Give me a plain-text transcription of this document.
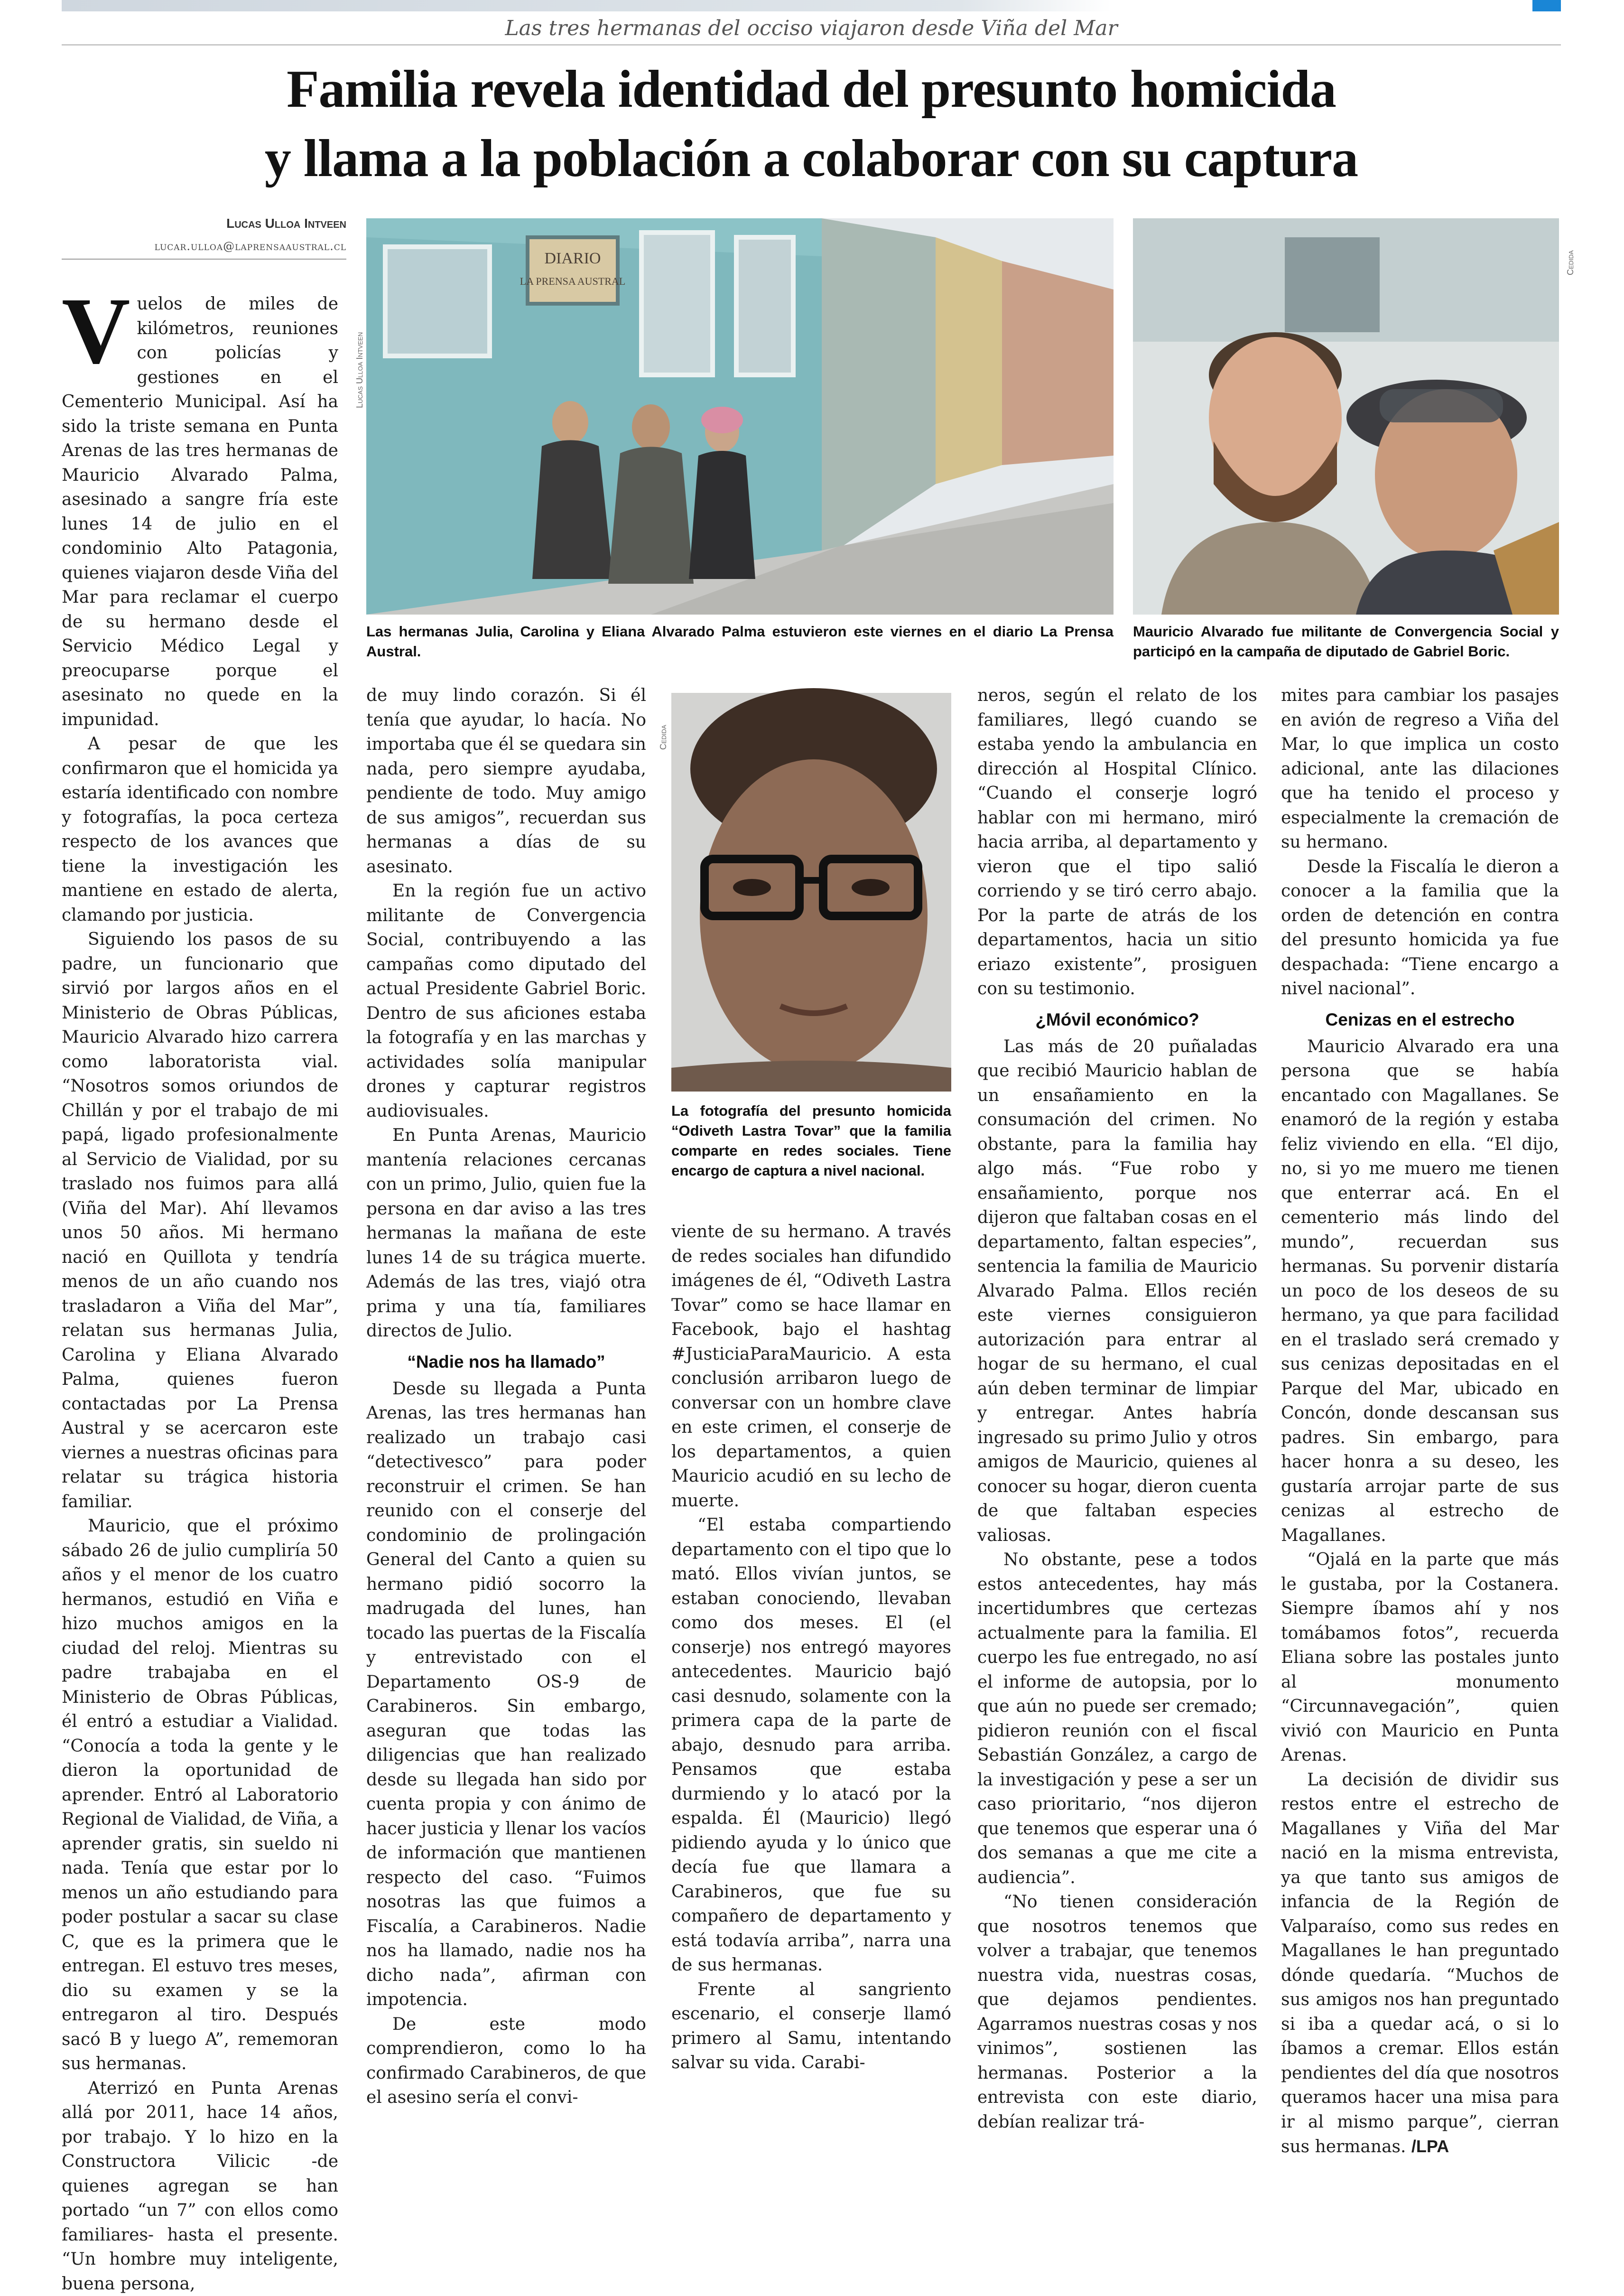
Las tres hermanas del occiso viajaron desde Viña del Mar
Familia revela identidad del presunto homicida
y llama a la población a colaborar con su captura
Lucas Ulloa Intveen
lucar.ulloa@laprensaaustral.cl
Lucas Ulloa Intveen
DIARIO
LA PRENSA AUSTRAL
Las hermanas Julia, Carolina y Eliana Alvarado Palma estuvieron este viernes en el diario La Prensa Austral.
Cedida
Mauricio Alvarado fue militante de Convergencia Social y participó en la campaña de diputado de Gabriel Boric.
Cedida
La fotografía del presunto homicida “Odiveth Lastra Tovar” que la familia comparte en redes sociales. Tiene encargo de captura a nivel nacional.
V uelos de miles de kilómetros, reuniones con policías y gestiones en el Cementerio Municipal. Así ha sido la triste semana en Punta Arenas de las tres hermanas de Mauricio Alvarado Palma, asesinado a sangre fría este lunes 14 de julio en el condominio Alto Patagonia, quienes viajaron desde Viña del Mar para reclamar el cuerpo de su hermano desde el Servicio Médico Legal y preocuparse porque el asesinato no quede en la impunidad.

A pesar de que les confirmaron que el homicida ya estaría identificado con nombre y fotografías, la poca certeza respecto de los avances que tiene la investigación les mantiene en estado de alerta, clamando por justicia.

Siguiendo los pasos de su padre, un funcionario que sirvió por largos años en el Ministerio de Obras Públicas, Mauricio Alvarado hizo carrera como laboratorista vial. “Nosotros somos oriundos de Chillán y por el trabajo de mi papá, ligado profesionalmente al Servicio de Vialidad, por su traslado nos fuimos para allá (Viña del Mar). Ahí llevamos unos 50 años. Mi hermano nació en Quillota y tendría menos de un año cuando nos trasladaron a Viña del Mar”, relatan sus hermanas Julia, Carolina y Eliana Alvarado Palma, quienes fueron contactadas por La Prensa Austral y se acercaron este viernes a nuestras oficinas para relatar su trágica historia familiar.

Mauricio, que el próximo sábado 26 de julio cumpliría 50 años y el menor de los cuatro hermanos, estudió en Viña e hizo muchos amigos en la ciudad del reloj. Mientras su padre trabajaba en el Ministerio de Obras Públicas, él entró a estudiar a Vialidad. “Conocía a toda la gente y le dieron la oportunidad de aprender. Entró al Laboratorio Regional de Vialidad, de Viña, a aprender gratis, sin sueldo ni nada. Tenía que estar por lo menos un año estudiando para poder postular a sacar su clase C, que es la primera que le entregan. El estuvo tres meses, dio su examen y se la entregaron al tiro. Después sacó B y luego A”, rememoran sus hermanas.

Aterrizó en Punta Arenas allá por 2011, hace 14 años, por trabajo. Y lo hizo en la Constructora Vilicic -de quienes agregan se han portado “un 7” con ellos como familiares- hasta el presente. “Un hombre muy inteligente, buena persona,

de muy lindo corazón. Si él tenía que ayudar, lo hacía. No importaba que él se quedara sin nada, pero siempre ayudaba, pendiente de todo. Muy amigo de sus amigos”, recuerdan sus hermanas a días de su asesinato.

En la región fue un activo militante de Convergencia Social, contribuyendo a las campañas como diputado del actual Presidente Gabriel Boric. Dentro de sus aficiones estaba la fotografía y en las marchas y actividades solía manipular drones y capturar registros audiovisuales.

En Punta Arenas, Mauricio mantenía relaciones cercanas con un primo, Julio, quien fue la persona en dar aviso a las tres hermanas la mañana de este lunes 14 de su trágica muerte. Además de las tres, viajó otra prima y una tía, familiares directos de Julio.

“Nadie nos ha llamado”

Desde su llegada a Punta Arenas, las tres hermanas han realizado un trabajo casi “detectivesco” para poder reconstruir el crimen. Se han reunido con el conserje del condominio de prolingación General del Canto a quien su hermano pidió socorro la madrugada del lunes, han tocado las puertas de la Fiscalía y entrevistado con el Departamento OS-9 de Carabineros. Sin embargo, aseguran que todas las diligencias que han realizado desde su llegada han sido por cuenta propia y con ánimo de hacer justicia y llenar los vacíos de información que mantienen respecto del caso. “Fuimos nosotras las que fuimos a Fiscalía, a Carabineros. Nadie nos ha llamado, nadie nos ha dicho nada”, afirman con impotencia.

De este modo comprendieron, como lo ha confirmado Carabineros, de que el asesino sería el convi-

viente de su hermano. A través de redes sociales han difundido imágenes de él, “Odiveth Lastra Tovar” como se hace llamar en Facebook, bajo el hashtag #JusticiaParaMauricio. A esta conclusión arribaron luego de conversar con un hombre clave en este crimen, el conserje de los departamentos, a quien Mauricio acudió en su lecho de muerte.

“El estaba compartiendo departamento con el tipo que lo mató. Ellos vivían juntos, se estaban conociendo, llevaban como dos meses. El (el conserje) nos entregó mayores antecedentes. Mauricio bajó casi desnudo, solamente con la primera capa de la parte de abajo, desnudo para arriba. Pensamos que estaba durmiendo y lo atacó por la espalda. Él (Mauricio) llegó pidiendo ayuda y lo único que decía fue que llamara a Carabineros, que fue su compañero de departamento y está todavía arriba”, narra una de sus hermanas.

Frente al sangriento escenario, el conserje llamó primero al Samu, intentando salvar su vida. Carabi-

neros, según el relato de los familiares, llegó cuando se estaba yendo la ambulancia en dirección al Hospital Clínico. “Cuando el conserje logró hablar con mi hermano, miró hacia arriba, al departamento y vieron que el tipo salió corriendo y se tiró cerro abajo. Por la parte de atrás de los departamentos, hacia un sitio eriazo existente”, prosiguen con su testimonio.

¿Móvil económico?

Las más de 20 puñaladas que recibió Mauricio hablan de un ensañamiento en la consumación del crimen. No obstante, para la familia hay algo más. “Fue robo y ensañamiento, porque nos dijeron que faltaban cosas en el departamento, faltan especies”, sentencia la familia de Mauricio Alvarado Palma. Ellos recién este viernes consiguieron autorización para entrar al hogar de su hermano, el cual aún deben terminar de limpiar y entregar. Antes habría ingresado su primo Julio y otros amigos de Mauricio, quienes al conocer su hogar, dieron cuenta de que faltaban especies valiosas.

No obstante, pese a todos estos antecedentes, hay más incertidumbres que certezas actualmente para la familia. El cuerpo les fue entregado, no así el informe de autopsia, por lo que aún no puede ser cremado; pidieron reunión con el fiscal Sebastián González, a cargo de la investigación y pese a ser un caso prioritario, “nos dijeron que tenemos que esperar una ó dos semanas a que me cite a audiencia”.

“No tienen consideración que nosotros tenemos que volver a trabajar, que tenemos nuestra vida, nuestras cosas, que dejamos pendientes. Agarramos nuestras cosas y nos vinimos”, sostienen las hermanas. Posterior a la entrevista con este diario, debían realizar trá-

mites para cambiar los pasajes en avión de regreso a Viña del Mar, lo que implica un costo adicional, ante las dilaciones que ha tenido el proceso y especialmente la cremación de su hermano.

Desde la Fiscalía le dieron a conocer a la familia que la orden de detención en contra del presunto homicida ya fue despachada: “Tiene encargo a nivel nacional”.

Cenizas en el estrecho

Mauricio Alvarado era una persona que se había encantado con Magallanes. Se enamoró de la región y estaba feliz viviendo en ella. “El dijo, no, si yo me muero me tienen que enterrar acá. En el cementerio más lindo del mundo”, recuerdan sus hermanas. Su porvenir distaría un poco de los deseos de su hermano, ya que para facilidad en el traslado será cremado y sus cenizas depositadas en el Parque del Mar, ubicado en Concón, donde descansan sus padres. Sin embargo, para hacer honra a su deseo, les gustaría arrojar parte de sus cenizas al estrecho de Magallanes.

“Ojalá en la parte que más le gustaba, por la Costanera. Siempre íbamos ahí y nos tomábamos fotos”, recuerda Eliana sobre las postales junto al monumento “Circunnavegación”, quien vivió con Mauricio en Punta Arenas.

La decisión de dividir sus restos entre el estrecho de Magallanes y Viña del Mar nació en la misma entrevista, ya que tanto sus amigos de infancia de la Región de Valparaíso, como sus redes en Magallanes le han preguntado dónde quedaría. “Muchos de sus amigos nos han preguntado si iba a quedar acá, o si lo íbamos a cremar. Ellos están pendientes del día que nosotros queramos hacer una misa para ir al mismo parque”, cierran sus hermanas. /LPA
